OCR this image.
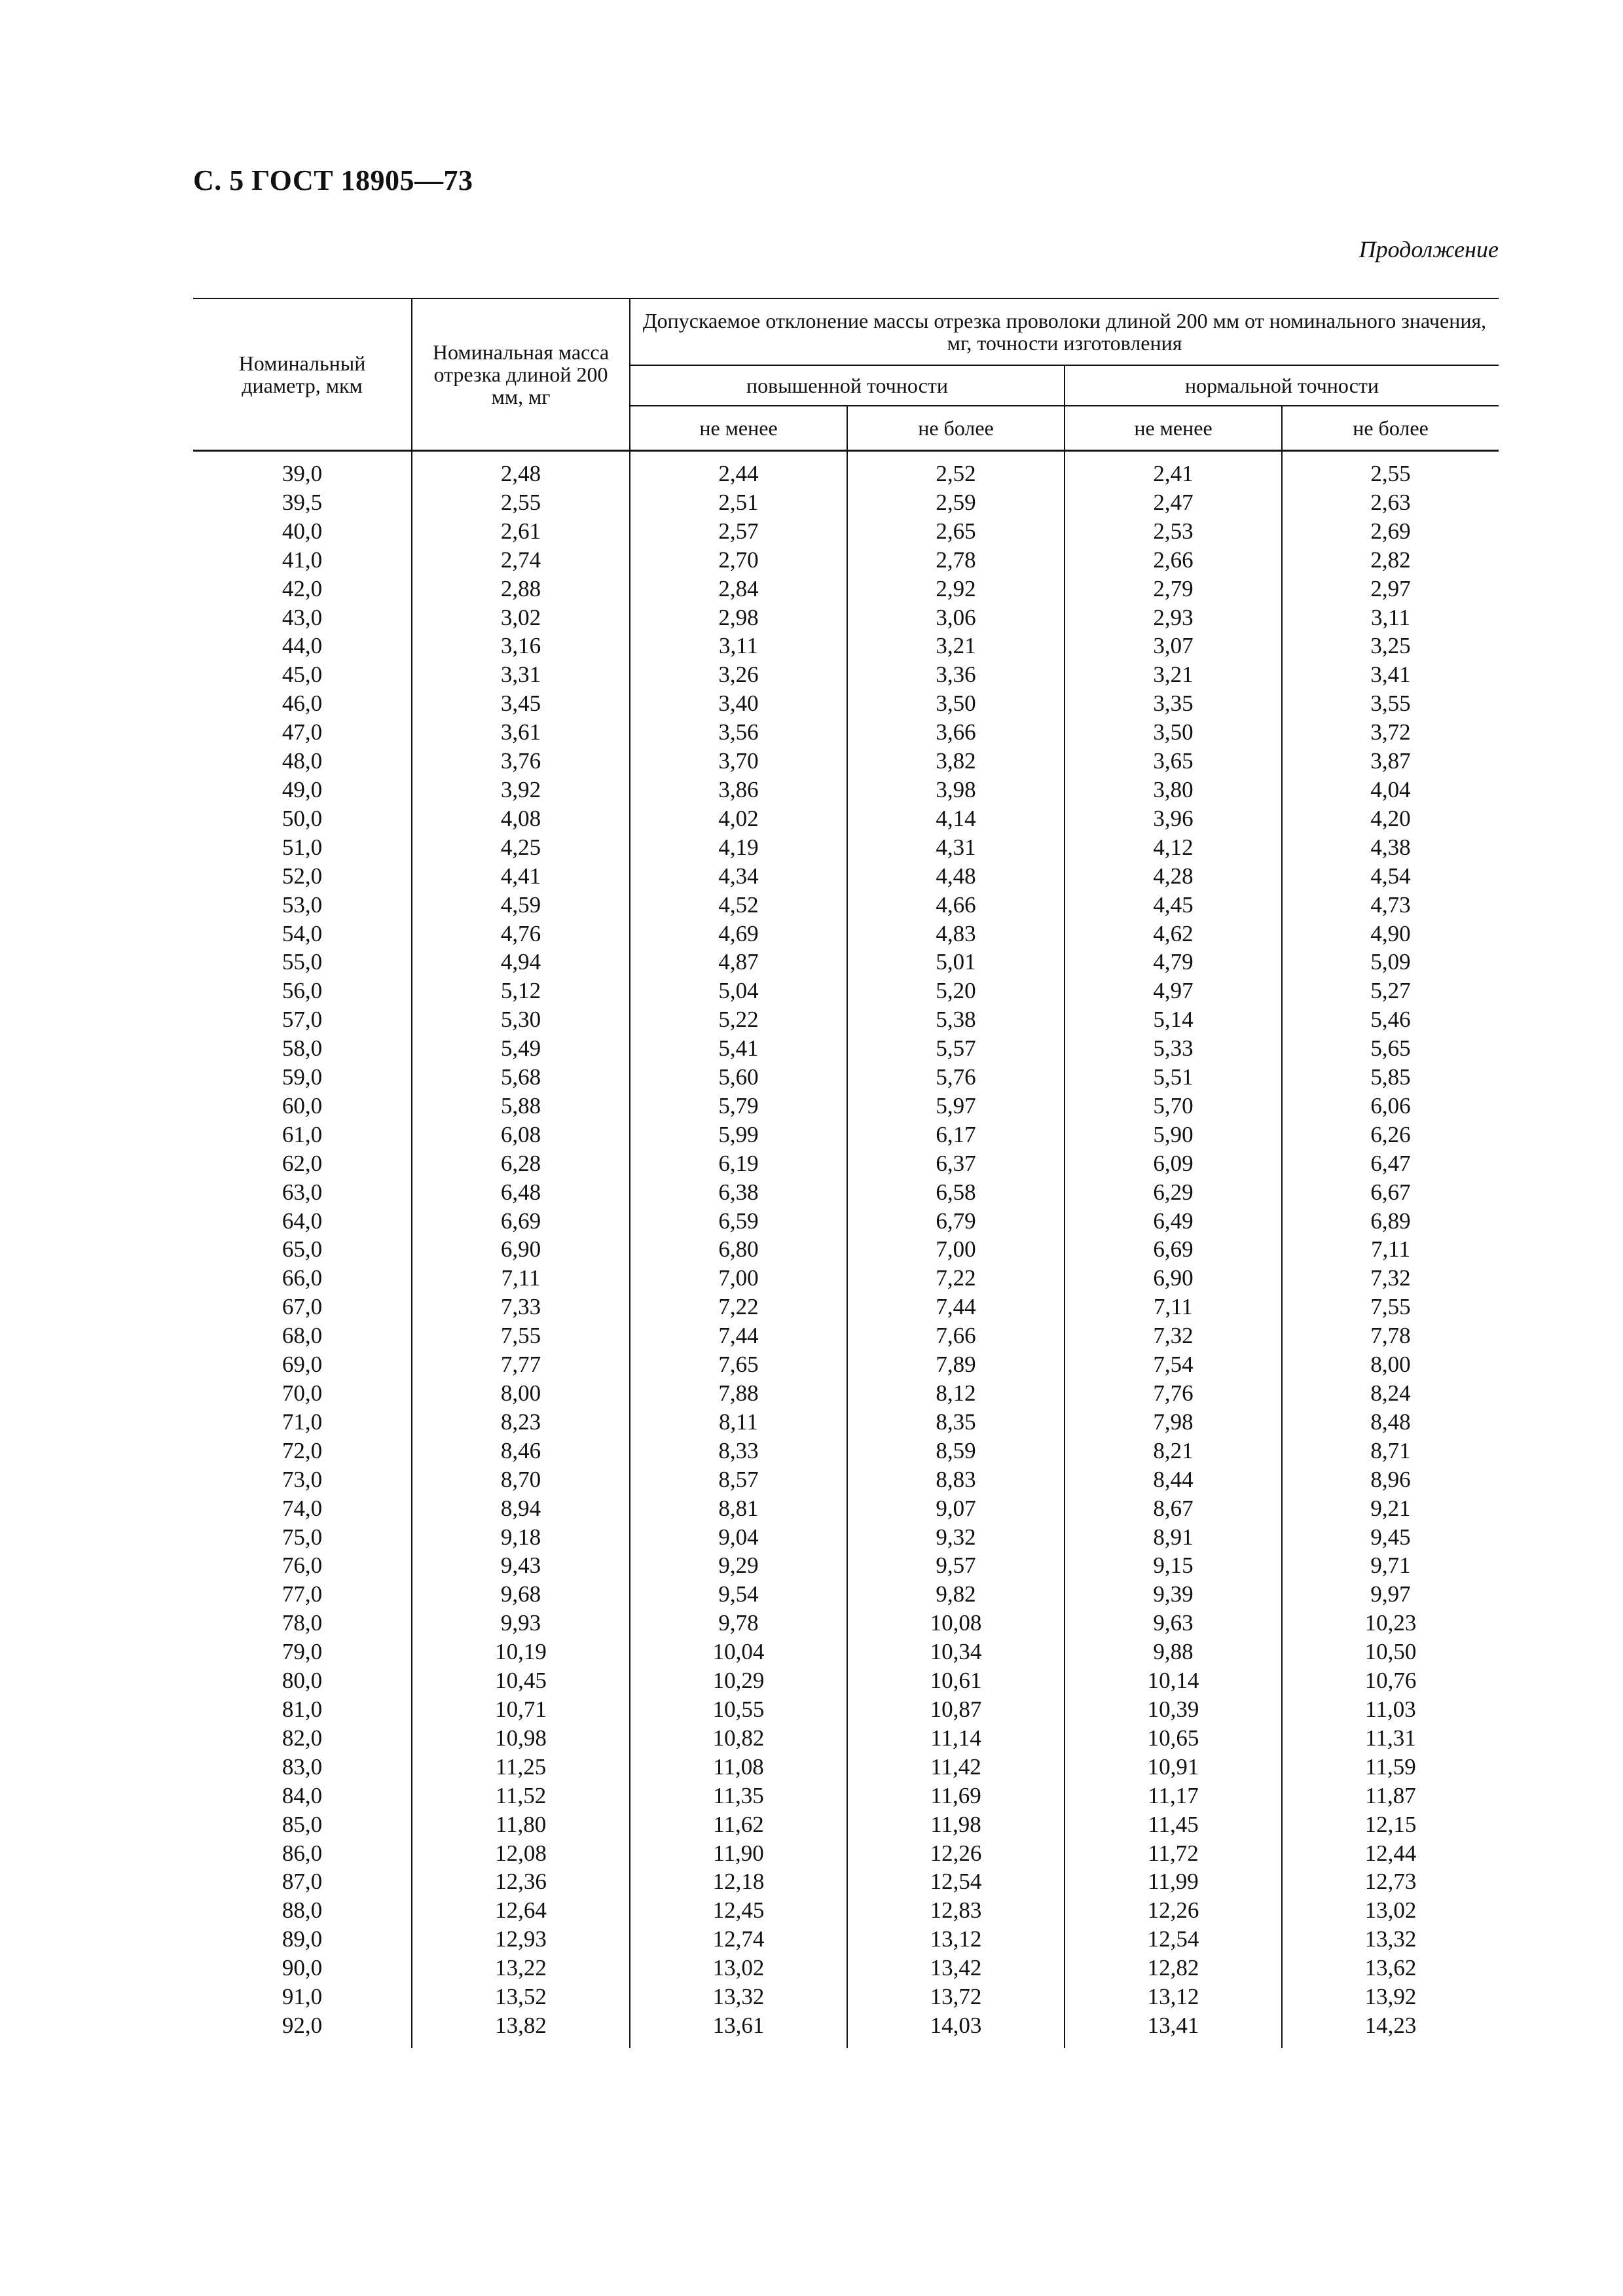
С. 5 ГОСТ 18905—73
Продолжение
Номинальный диаметр, мкм	Номинальная масса отрезка длиной 200 мм, мг	Допускаемое отклонение массы отрезка проволоки длиной 200 мм от номинального значения, мг, точности изготовления			
		повышенной точности		нормальной точности	
		не менее	не более	не менее	не более
39,0	2,48	2,44	2,52	2,41	2,55
39,5	2,55	2,51	2,59	2,47	2,63
40,0	2,61	2,57	2,65	2,53	2,69
41,0	2,74	2,70	2,78	2,66	2,82
42,0	2,88	2,84	2,92	2,79	2,97
43,0	3,02	2,98	3,06	2,93	3,11
44,0	3,16	3,11	3,21	3,07	3,25
45,0	3,31	3,26	3,36	3,21	3,41
46,0	3,45	3,40	3,50	3,35	3,55
47,0	3,61	3,56	3,66	3,50	3,72
48,0	3,76	3,70	3,82	3,65	3,87
49,0	3,92	3,86	3,98	3,80	4,04
50,0	4,08	4,02	4,14	3,96	4,20
51,0	4,25	4,19	4,31	4,12	4,38
52,0	4,41	4,34	4,48	4,28	4,54
53,0	4,59	4,52	4,66	4,45	4,73
54,0	4,76	4,69	4,83	4,62	4,90
55,0	4,94	4,87	5,01	4,79	5,09
56,0	5,12	5,04	5,20	4,97	5,27
57,0	5,30	5,22	5,38	5,14	5,46
58,0	5,49	5,41	5,57	5,33	5,65
59,0	5,68	5,60	5,76	5,51	5,85
60,0	5,88	5,79	5,97	5,70	6,06
61,0	6,08	5,99	6,17	5,90	6,26
62,0	6,28	6,19	6,37	6,09	6,47
63,0	6,48	6,38	6,58	6,29	6,67
64,0	6,69	6,59	6,79	6,49	6,89
65,0	6,90	6,80	7,00	6,69	7,11
66,0	7,11	7,00	7,22	6,90	7,32
67,0	7,33	7,22	7,44	7,11	7,55
68,0	7,55	7,44	7,66	7,32	7,78
69,0	7,77	7,65	7,89	7,54	8,00
70,0	8,00	7,88	8,12	7,76	8,24
71,0	8,23	8,11	8,35	7,98	8,48
72,0	8,46	8,33	8,59	8,21	8,71
73,0	8,70	8,57	8,83	8,44	8,96
74,0	8,94	8,81	9,07	8,67	9,21
75,0	9,18	9,04	9,32	8,91	9,45
76,0	9,43	9,29	9,57	9,15	9,71
77,0	9,68	9,54	9,82	9,39	9,97
78,0	9,93	9,78	10,08	9,63	10,23
79,0	10,19	10,04	10,34	9,88	10,50
80,0	10,45	10,29	10,61	10,14	10,76
81,0	10,71	10,55	10,87	10,39	11,03
82,0	10,98	10,82	11,14	10,65	11,31
83,0	11,25	11,08	11,42	10,91	11,59
84,0	11,52	11,35	11,69	11,17	11,87
85,0	11,80	11,62	11,98	11,45	12,15
86,0	12,08	11,90	12,26	11,72	12,44
87,0	12,36	12,18	12,54	11,99	12,73
88,0	12,64	12,45	12,83	12,26	13,02
89,0	12,93	12,74	13,12	12,54	13,32
90,0	13,22	13,02	13,42	12,82	13,62
91,0	13,52	13,32	13,72	13,12	13,92
92,0	13,82	13,61	14,03	13,41	14,23
